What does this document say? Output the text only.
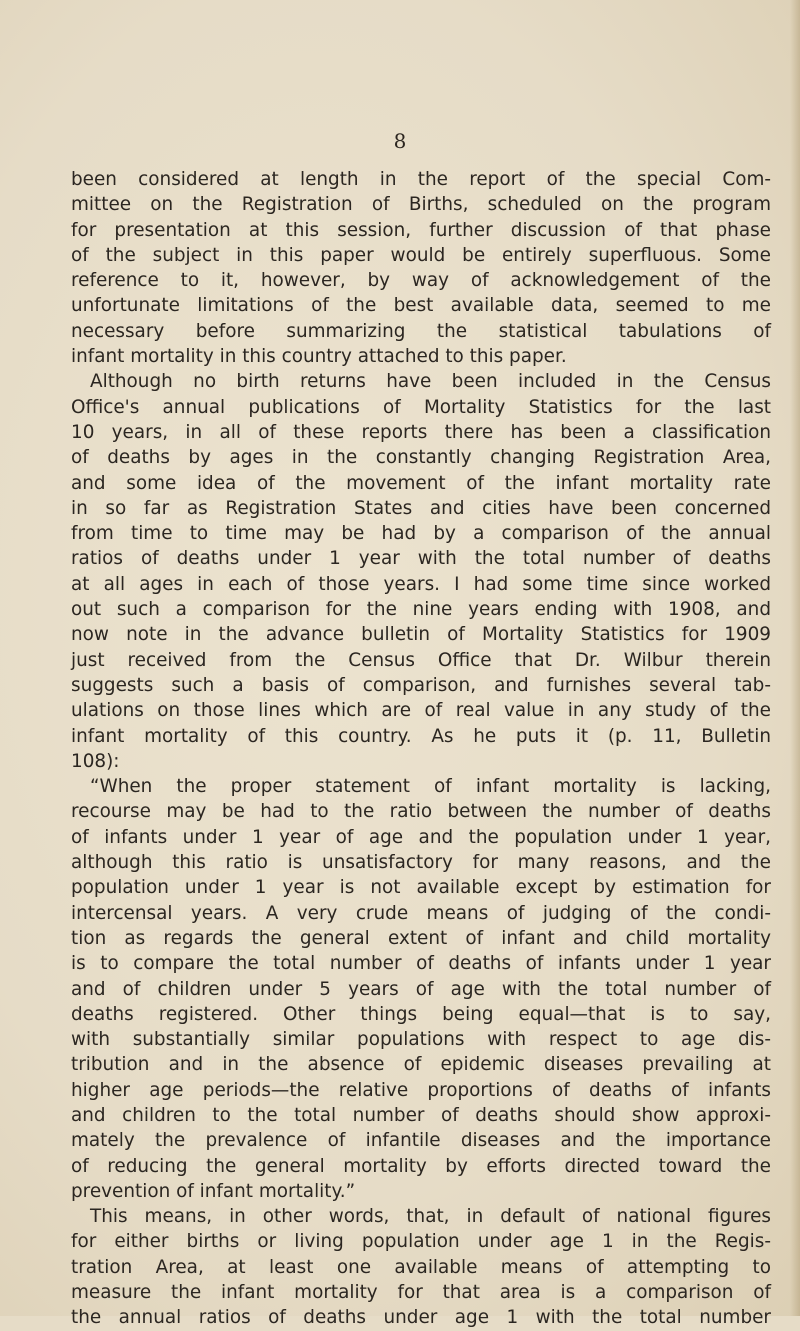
8
been considered at length in the report of the special Com-
mittee on the Registration of Births, scheduled on the program
for presentation at this session, further discussion of that phase
of the subject in this paper would be entirely superfluous. Some
reference to it, however, by way of acknowledgement of the
unfortunate limitations of the best available data, seemed to me
necessary before summarizing the statistical tabulations of
infant mortality in this country attached to this paper.
Although no birth returns have been included in the Census
Office's annual publications of Mortality Statistics for the last
10 years, in all of these reports there has been a classification
of deaths by ages in the constantly changing Registration Area,
and some idea of the movement of the infant mortality rate
in so far as Registration States and cities have been concerned
from time to time may be had by a comparison of the annual
ratios of deaths under 1 year with the total number of deaths
at all ages in each of those years. I had some time since worked
out such a comparison for the nine years ending with 1908, and
now note in the advance bulletin of Mortality Statistics for 1909
just received from the Census Office that Dr. Wilbur therein
suggests such a basis of comparison, and furnishes several tab-
ulations on those lines which are of real value in any study of the
infant mortality of this country. As he puts it (p. 11, Bulletin
108):
“When the proper statement of infant mortality is lacking,
recourse may be had to the ratio between the number of deaths
of infants under 1 year of age and the population under 1 year,
although this ratio is unsatisfactory for many reasons, and the
population under 1 year is not available except by estimation for
intercensal years. A very crude means of judging of the condi-
tion as regards the general extent of infant and child mortality
is to compare the total number of deaths of infants under 1 year
and of children under 5 years of age with the total number of
deaths registered. Other things being equal—that is to say,
with substantially similar populations with respect to age dis-
tribution and in the absence of epidemic diseases prevailing at
higher age periods—the relative proportions of deaths of infants
and children to the total number of deaths should show approxi-
mately the prevalence of infantile diseases and the importance
of reducing the general mortality by efforts directed toward the
prevention of infant mortality.”
This means, in other words, that, in default of national figures
for either births or living population under age 1 in the Regis-
tration Area, at least one available means of attempting to
measure the infant mortality for that area is a comparison of
the annual ratios of deaths under age 1 with the total number
